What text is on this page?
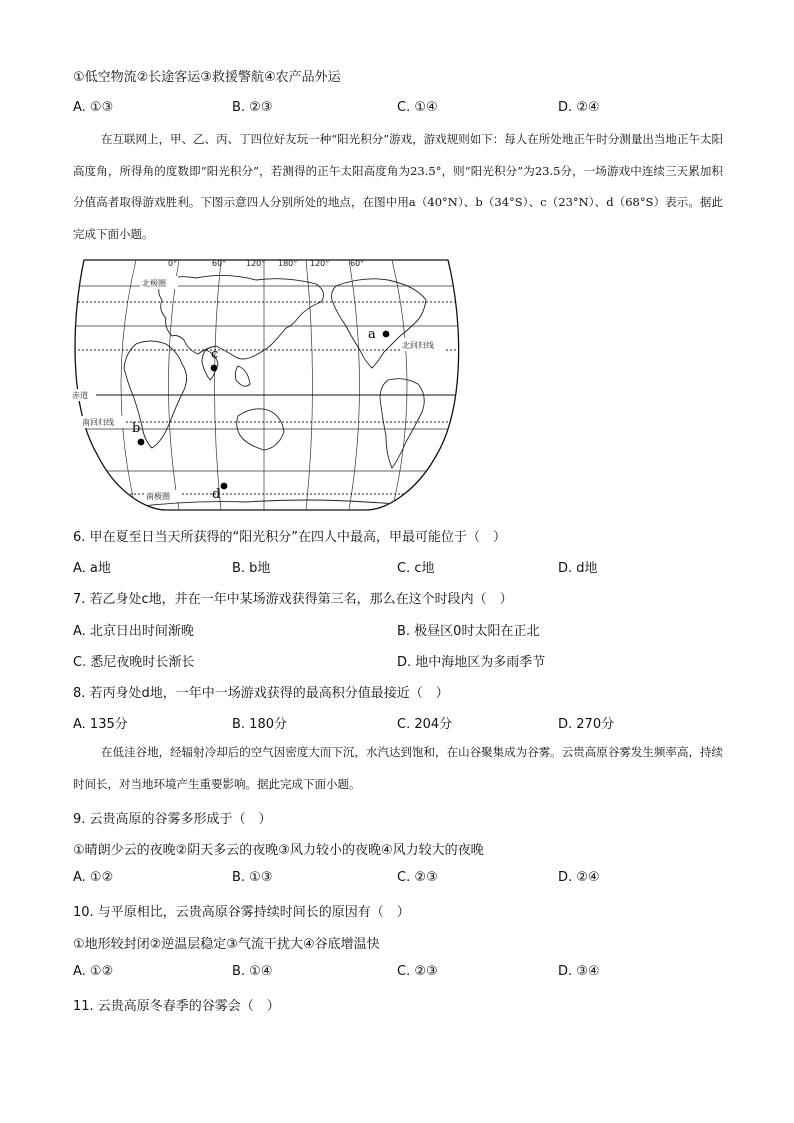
①低空物流②长途客运③救援警航④农产品外运
A. ①③	B. ②③	C. ①④	D. ②④
在互联网上，甲、乙、丙、丁四位好友玩一种“阳光积分”游戏，游戏规则如下：每人在所处地正午时分测量出当地正午太阳高度角，所得角的度数即“阳光积分”，若测得的正午太阳高度角为23.5°，则“阳光积分”为23.5分，一场游戏中连续三天累加积分值高者取得游戏胜利。下图示意四人分别所处的地点，在图中用a（40°N）、b（34°S）、c（23°N）、d（68°S）表示。据此完成下面小题。
0°	60° 120° 180° 120°	60°
北极圈
北回归线
赤道
南回归线
南极圈
a
c
b
d
6. 甲在夏至日当天所获得的“阳光积分”在四人中最高，甲最可能位于（　）
A. a地	B. b地	C. c地	D. d地
7. 若乙身处c地，并在一年中某场游戏获得第三名，那么在这个时段内（　）
A. 北京日出时间渐晚	B. 极昼区0时太阳在正北
C. 悉尼夜晚时长渐长	D. 地中海地区为多雨季节
8. 若丙身处d地，一年中一场游戏获得的最高积分值最接近（　）
A. 135分	B. 180分	C. 204分	D. 270分
在低洼谷地，经辐射冷却后的空气因密度大而下沉，水汽达到饱和，在山谷聚集成为谷雾。云贵高原谷雾发生频率高，持续时间长，对当地环境产生重要影响。据此完成下面小题。
9. 云贵高原的谷雾多形成于（　）
①晴朗少云的夜晚②阴天多云的夜晚③风力较小的夜晚④风力较大的夜晚
A. ①②	B. ①③	C. ②③	D. ②④
10. 与平原相比，云贵高原谷雾持续时间长的原因有（　）
①地形较封闭②逆温层稳定③气流干扰大④谷底增温快
A. ①②	B. ①④	C. ②③	D. ③④
11. 云贵高原冬春季的谷雾会（　）
